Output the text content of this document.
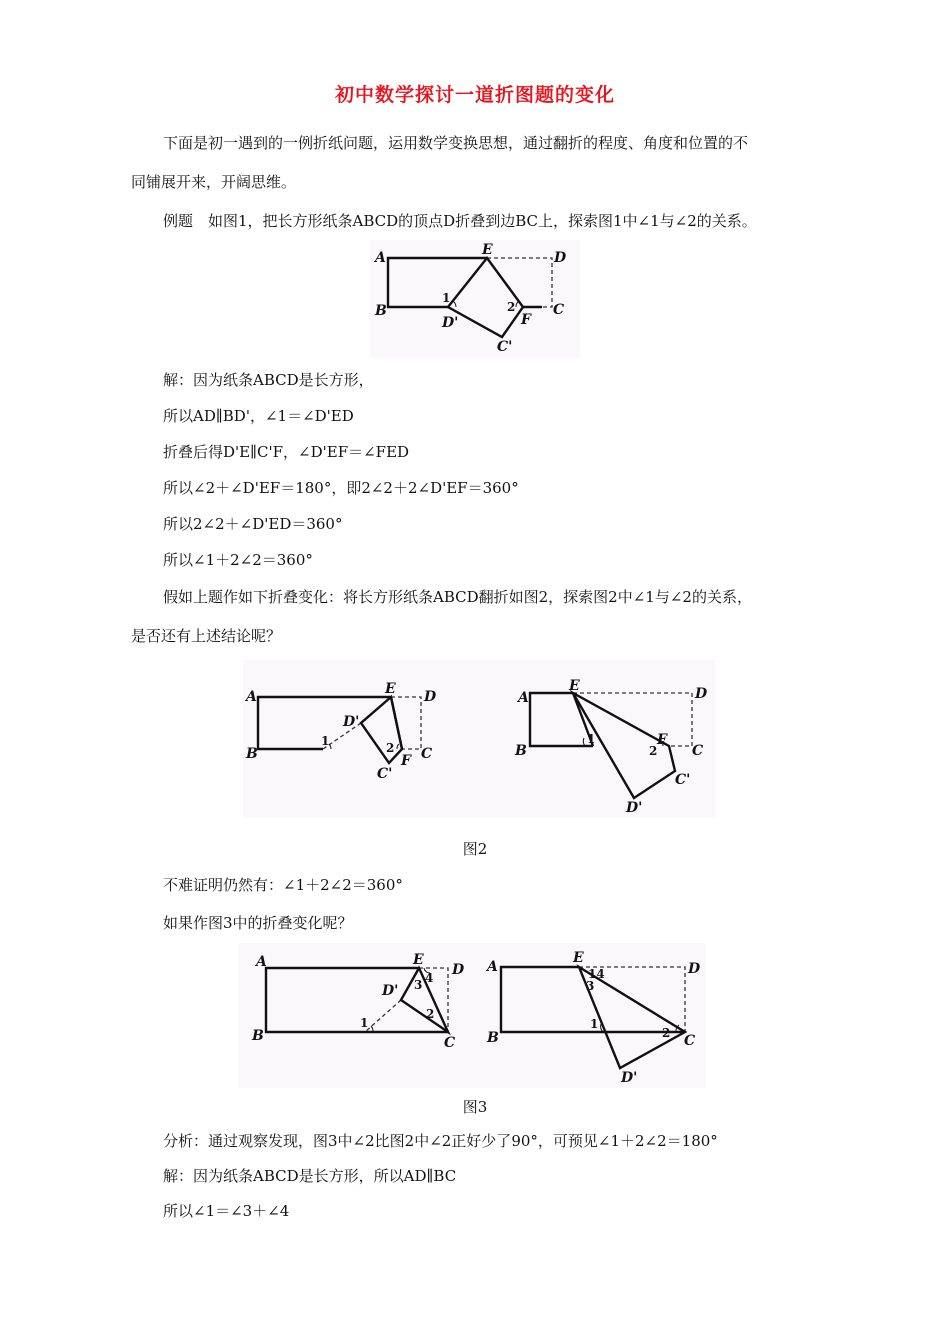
初中数学探讨一道折图题的变化
下面是初一遇到的一例折纸问题，运用数学变换思想，通过翻折的程度、角度和位置的不
同铺展开来，开阔思维。
例题　如图1，把长方形纸条ABCD的顶点D折叠到边BC上，探索图1中∠1与∠2的关系。
A
B
E	D
C
D'	F
C'
1
2
解：因为纸条ABCD是长方形，
所以AD∥BD'，∠1＝∠D'ED
折叠后得D'E∥C'F，∠D'EF＝∠FED
所以∠2＋∠D'EF＝180°，即2∠2＋2∠D'EF＝360°
所以2∠2＋∠D'ED＝360°
所以∠1＋2∠2＝360°
假如上题作如下折叠变化：将长方形纸条ABCD翻折如图2，探索图2中∠1与∠2的关系，
是否还有上述结论呢？
A
B
E D
C
D'
F
C'
1	2
A
B
E	D
C
F
C'
D'
1
2
图2
不难证明仍然有：∠1＋2∠2＝360°
如果作图3中的折叠变化呢？
A
B
E
D
C
D'
1
2
3 4
A
B
E
D
C
D'
1
2
3
14
图3
分析：通过观察发现，图3中∠2比图2中∠2正好少了90°，可预见∠1＋2∠2＝180°
解：因为纸条ABCD是长方形，所以AD∥BC
所以∠1＝∠3＋∠4
